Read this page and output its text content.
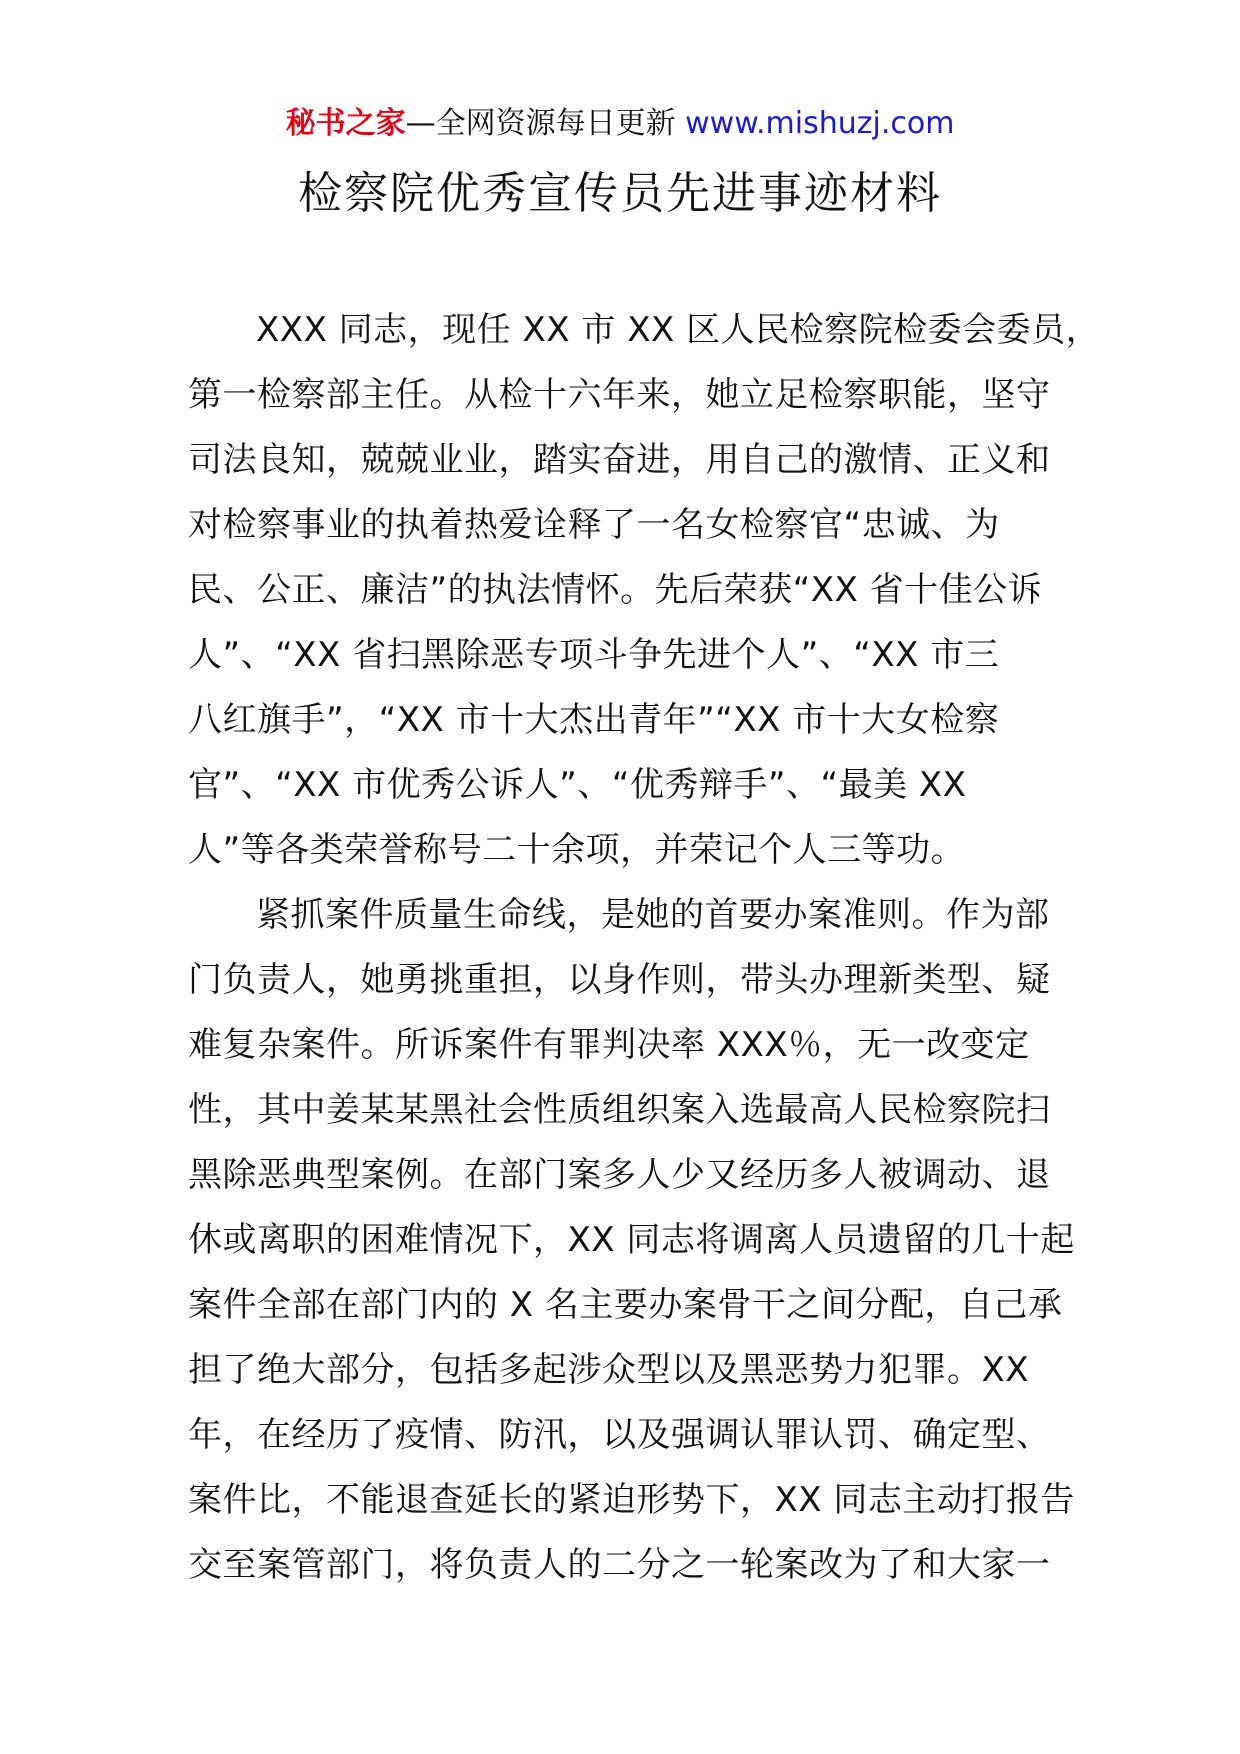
秘书之家—全网资源每日更新 www.mishuzj.com
检察院优秀宣传员先进事迹材料
XXX 同志，现任 XX 市 XX 区人民检察院检委会委员，
第一检察部主任。从检十六年来，她立足检察职能，坚守
司法良知，兢兢业业，踏实奋进，用自己的激情、正义和
对检察事业的执着热爱诠释了一名女检察官“忠诚、为
民、公正、廉洁”的执法情怀。先后荣获“XX 省十佳公诉
人”、“XX 省扫黑除恶专项斗争先进个人”、“XX 市三
八红旗手”，“XX 市十大杰出青年”“XX 市十大女检察
官”、“XX 市优秀公诉人”、“优秀辩手”、“最美 XX
人”等各类荣誉称号二十余项，并荣记个人三等功。
紧抓案件质量生命线，是她的首要办案准则。作为部
门负责人，她勇挑重担，以身作则，带头办理新类型、疑
难复杂案件。所诉案件有罪判决率 XXX％，无一改变定
性，其中姜某某黑社会性质组织案入选最高人民检察院扫
黑除恶典型案例。在部门案多人少又经历多人被调动、退
休或离职的困难情况下，XX 同志将调离人员遗留的几十起
案件全部在部门内的 X 名主要办案骨干之间分配，自己承
担了绝大部分，包括多起涉众型以及黑恶势力犯罪。XX
年，在经历了疫情、防汛，以及强调认罪认罚、确定型、
案件比，不能退查延长的紧迫形势下，XX 同志主动打报告
交至案管部门，将负责人的二分之一轮案改为了和大家一
